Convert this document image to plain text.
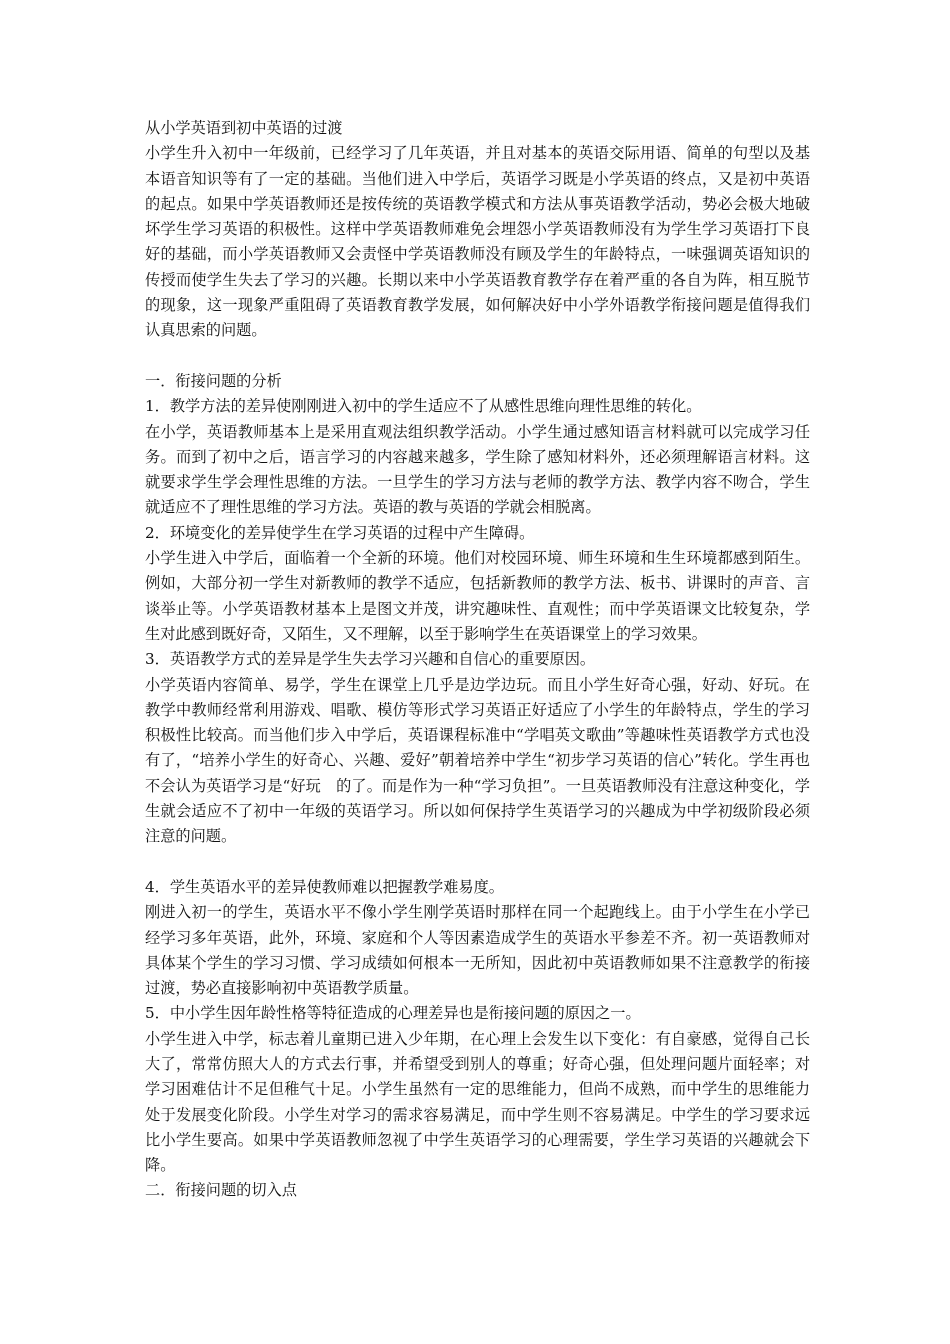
从小学英语到初中英语的过渡

小学生升入初中一年级前，已经学习了几年英语，并且对基本的英语交际用语、简单的句型以及基本语音知识等有了一定的基础。当他们进入中学后，英语学习既是小学英语的终点，又是初中英语的起点。如果中学英语教师还是按传统的英语教学模式和方法从事英语教学活动，势必会极大地破坏学生学习英语的积极性。这样中学英语教师难免会埋怨小学英语教师没有为学生学习英语打下良好的基础，而小学英语教师又会责怪中学英语教师没有顾及学生的年龄特点，一味强调英语知识的传授而使学生失去了学习的兴趣。长期以来中小学英语教育教学存在着严重的各自为阵，相互脱节的现象，这一现象严重阻碍了英语教育教学发展，如何解决好中小学外语教学衔接问题是值得我们认真思索的问题。

一．衔接问题的分析

1．教学方法的差异使刚刚进入初中的学生适应不了从感性思维向理性思维的转化。

在小学，英语教师基本上是采用直观法组织教学活动。小学生通过感知语言材料就可以完成学习任务。而到了初中之后，语言学习的内容越来越多，学生除了感知材料外，还必须理解语言材料。这就要求学生学会理性思维的方法。一旦学生的学习方法与老师的教学方法、教学内容不吻合，学生就适应不了理性思维的学习方法。英语的教与英语的学就会相脱离。

2．环境变化的差异使学生在学习英语的过程中产生障碍。

小学生进入中学后，面临着一个全新的环境。他们对校园环境、师生环境和生生环境都感到陌生。例如，大部分初一学生对新教师的教学不适应，包括新教师的教学方法、板书、讲课时的声音、言谈举止等。小学英语教材基本上是图文并茂，讲究趣味性、直观性；而中学英语课文比较复杂，学生对此感到既好奇，又陌生，又不理解，以至于影响学生在英语课堂上的学习效果。

3．英语教学方式的差异是学生失去学习兴趣和自信心的重要原因。

小学英语内容简单、易学，学生在课堂上几乎是边学边玩。而且小学生好奇心强，好动、好玩。在教学中教师经常利用游戏、唱歌、模仿等形式学习英语正好适应了小学生的年龄特点，学生的学习积极性比较高。而当他们步入中学后，英语课程标准中“学唱英文歌曲”等趣味性英语教学方式也没有了，“培养小学生的好奇心、兴趣、爱好”朝着培养中学生“初步学习英语的信心”转化。学生再也不会认为英语学习是“好玩　的了。而是作为一种“学习负担”。一旦英语教师没有注意这种变化，学生就会适应不了初中一年级的英语学习。所以如何保持学生英语学习的兴趣成为中学初级阶段必须注意的问题。

4．学生英语水平的差异使教师难以把握教学难易度。

刚进入初一的学生，英语水平不像小学生刚学英语时那样在同一个起跑线上。由于小学生在小学已经学习多年英语，此外，环境、家庭和个人等因素造成学生的英语水平参差不齐。初一英语教师对具体某个学生的学习习惯、学习成绩如何根本一无所知，因此初中英语教师如果不注意教学的衔接过渡，势必直接影响初中英语教学质量。

5．中小学生因年龄性格等特征造成的心理差异也是衔接问题的原因之一。

小学生进入中学，标志着儿童期已进入少年期，在心理上会发生以下变化：有自豪感，觉得自己长大了，常常仿照大人的方式去行事，并希望受到别人的尊重；好奇心强，但处理问题片面轻率；对学习困难估计不足但稚气十足。小学生虽然有一定的思维能力，但尚不成熟，而中学生的思维能力处于发展变化阶段。小学生对学习的需求容易满足，而中学生则不容易满足。中学生的学习要求远比小学生要高。如果中学英语教师忽视了中学生英语学习的心理需要，学生学习英语的兴趣就会下降。

二．衔接问题的切入点
